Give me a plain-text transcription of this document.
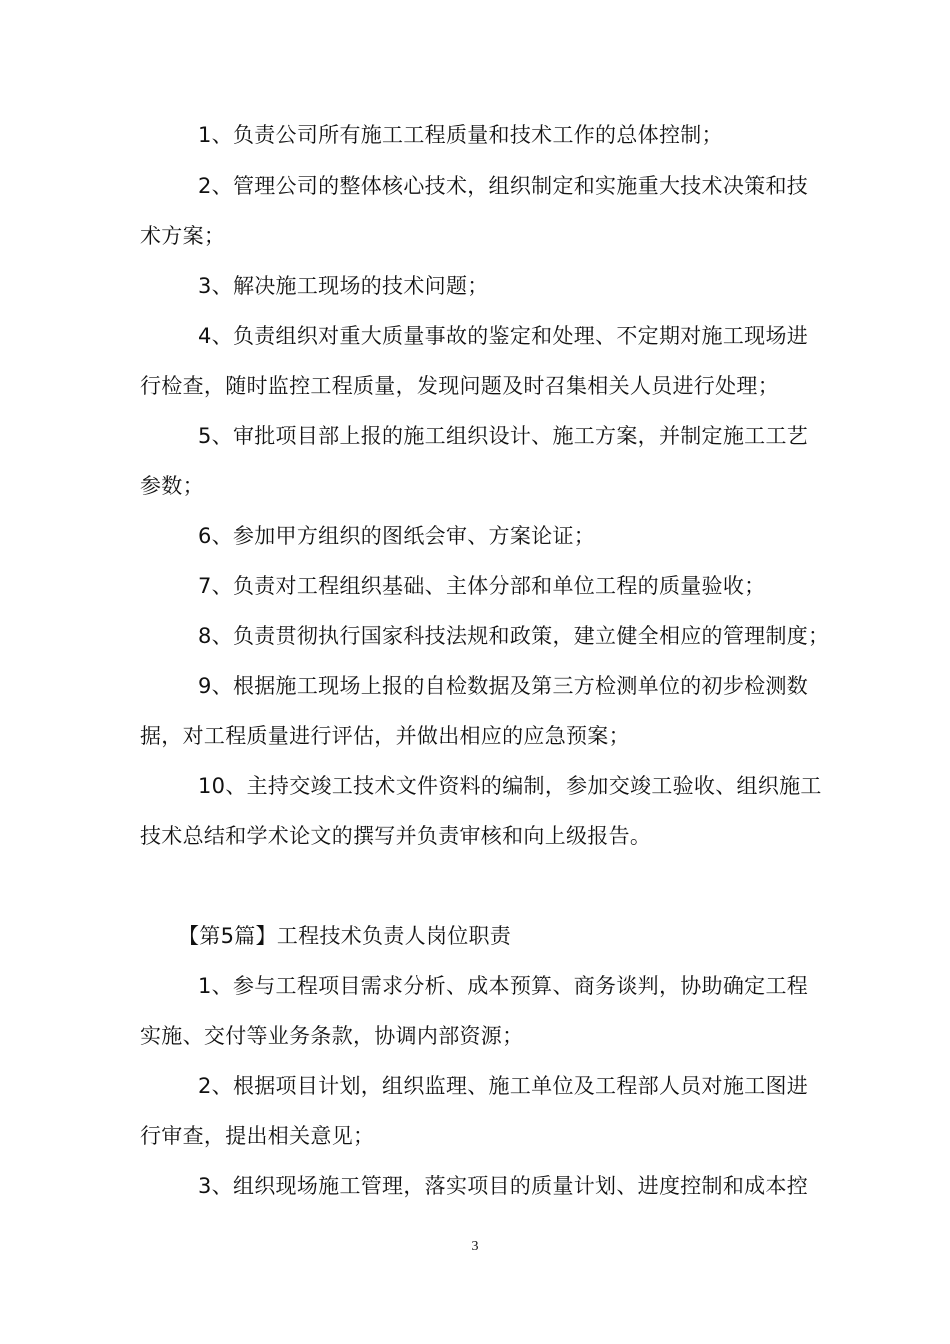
1、负责公司所有施工工程质量和技术工作的总体控制；
2、管理公司的整体核心技术，组织制定和实施重大技术决策和技
术方案；
3、解决施工现场的技术问题；
4、负责组织对重大质量事故的鉴定和处理、不定期对施工现场进
行检查，随时监控工程质量，发现问题及时召集相关人员进行处理；
5、审批项目部上报的施工组织设计、施工方案，并制定施工工艺
参数；
6、参加甲方组织的图纸会审、方案论证；
7、负责对工程组织基础、主体分部和单位工程的质量验收；
8、负责贯彻执行国家科技法规和政策，建立健全相应的管理制度；
9、根据施工现场上报的自检数据及第三方检测单位的初步检测数
据，对工程质量进行评估，并做出相应的应急预案；
10、主持交竣工技术文件资料的编制，参加交竣工验收、组织施工
技术总结和学术论文的撰写并负责审核和向上级报告。
【第5篇】工程技术负责人岗位职责
1、参与工程项目需求分析、成本预算、商务谈判，协助确定工程
实施、交付等业务条款，协调内部资源；
2、根据项目计划，组织监理、施工单位及工程部人员对施工图进
行审查，提出相关意见；
3、组织现场施工管理，落实项目的质量计划、进度控制和成本控
3
